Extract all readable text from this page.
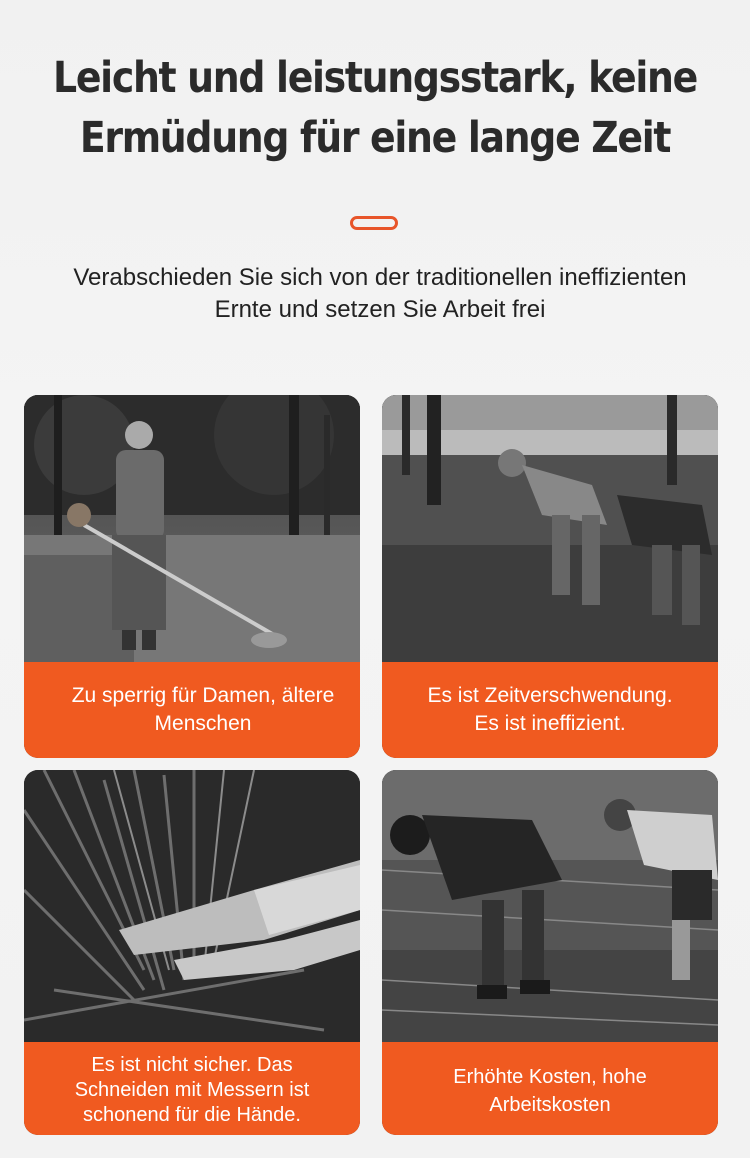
Leicht und leistungsstark, keine
Ermüdung für eine lange Zeit

Verabschieden Sie sich von der traditionellen ineffizienten
Ernte und setzen Sie Arbeit frei

Zu sperrig für Damen, ältere
Menschen
Es ist Zeitverschwendung.
Es ist ineffizient.
Es ist nicht sicher. Das
Schneiden mit Messern ist
schonend für die Hände.
Erhöhte Kosten, hohe
Arbeitskosten
